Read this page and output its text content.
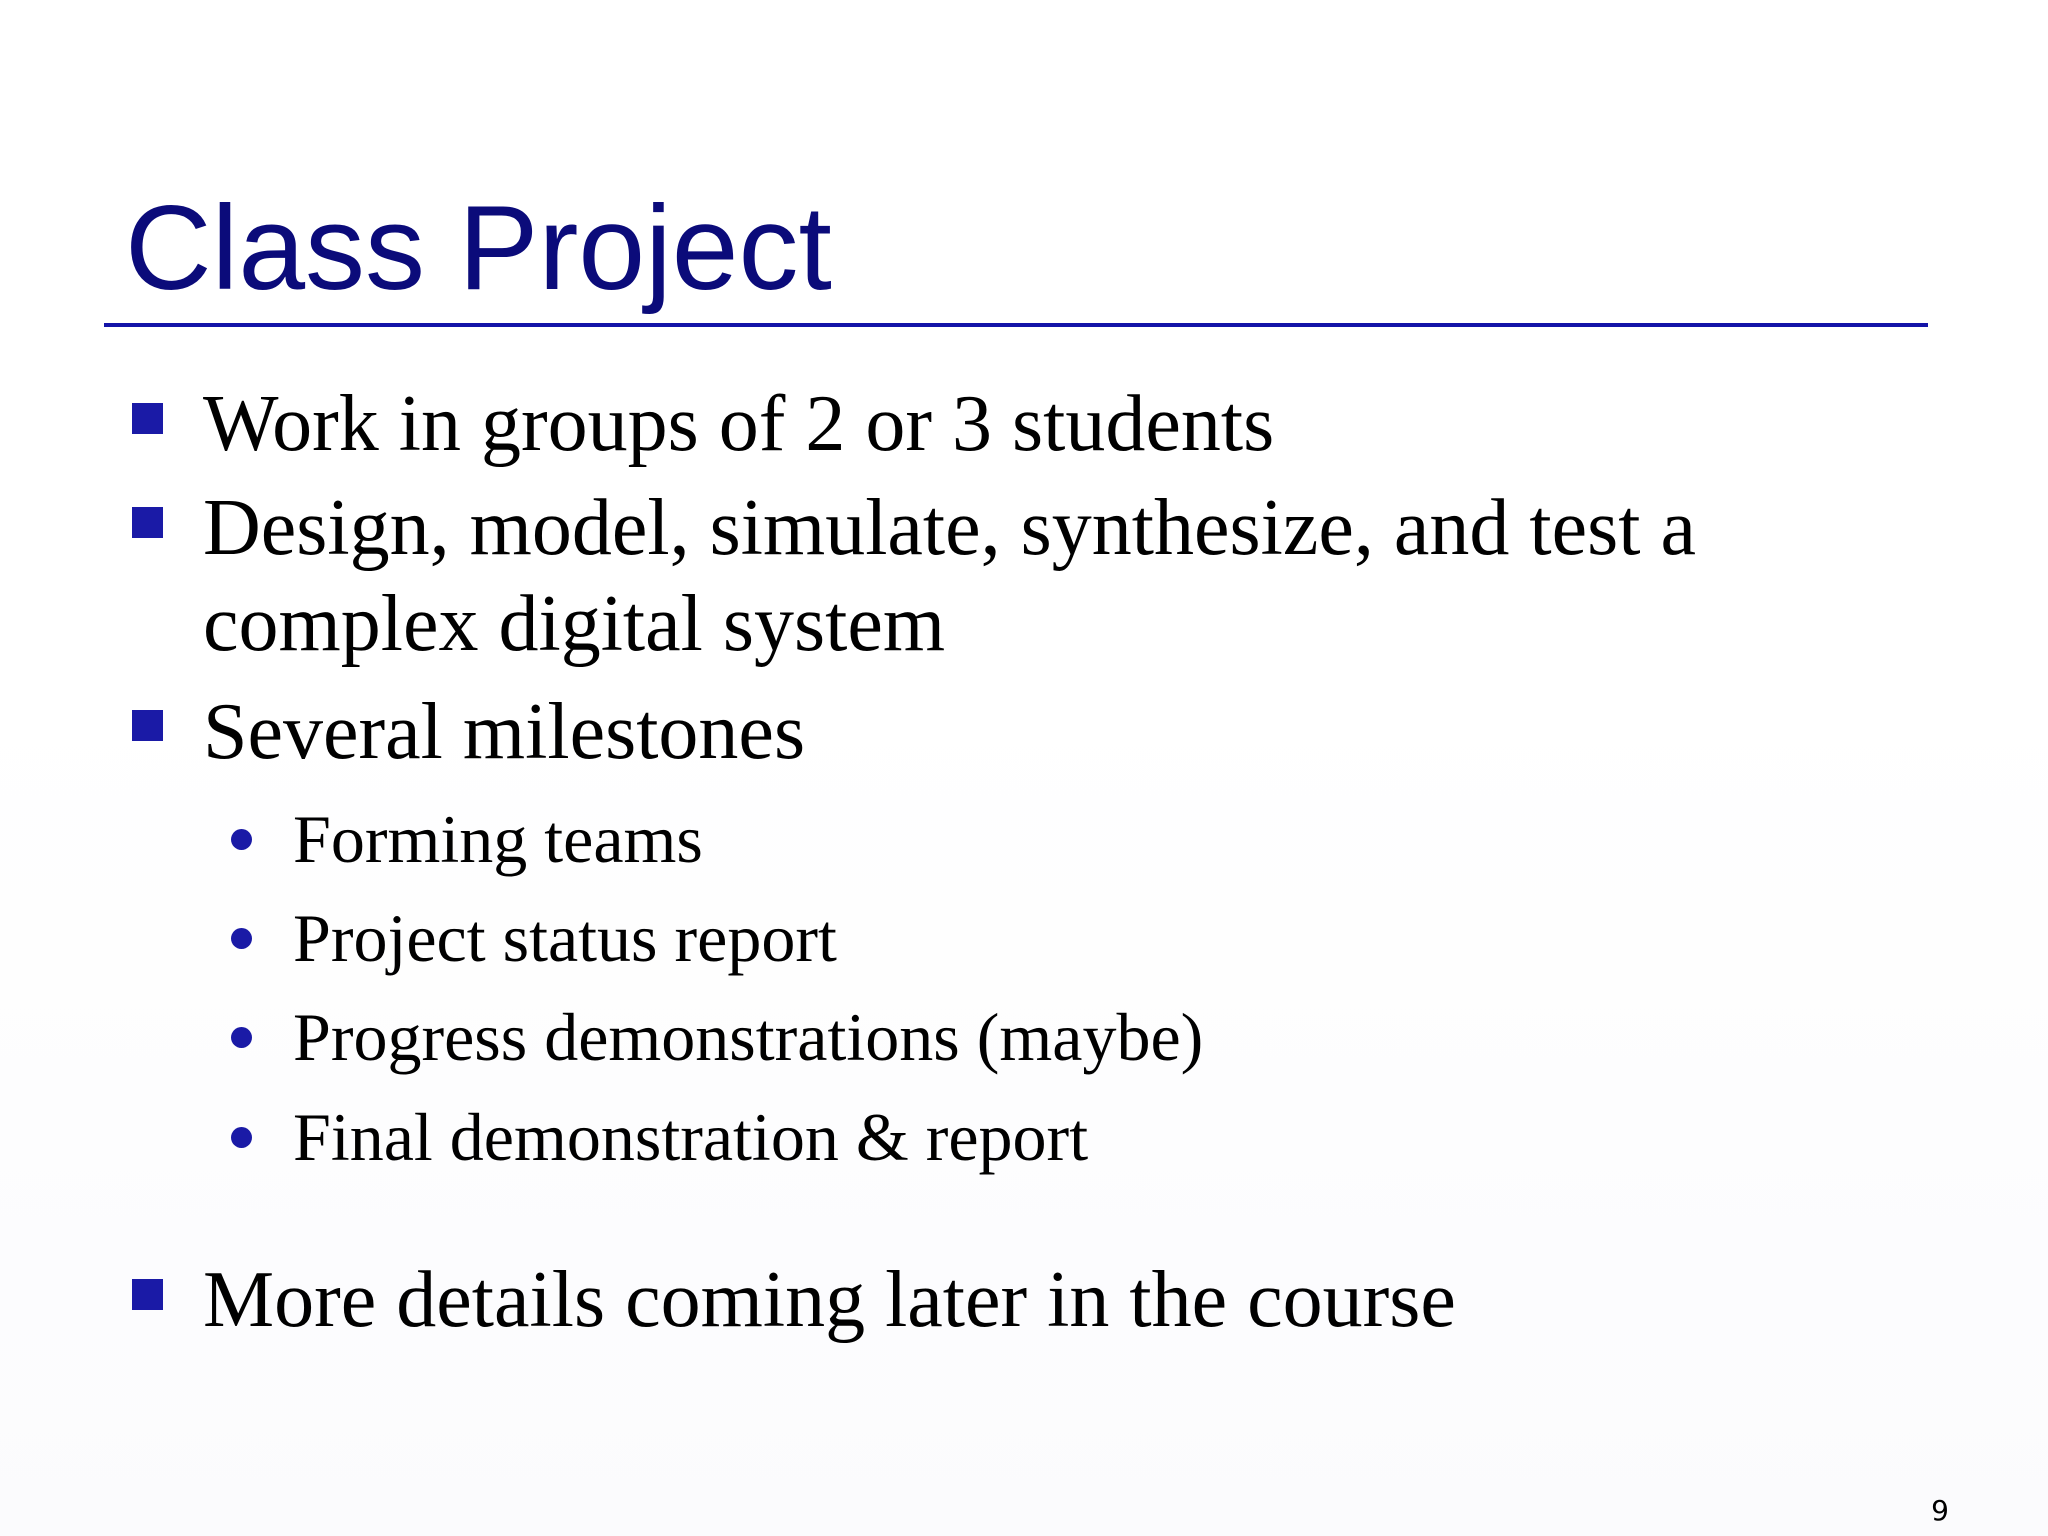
Class Project
Work in groups of 2 or 3 students
Design, model, simulate, synthesize, and test a
complex digital system
Several milestones
Forming teams
Project status report
Progress demonstrations (maybe)
Final demonstration & report
More details coming later in the course
9
